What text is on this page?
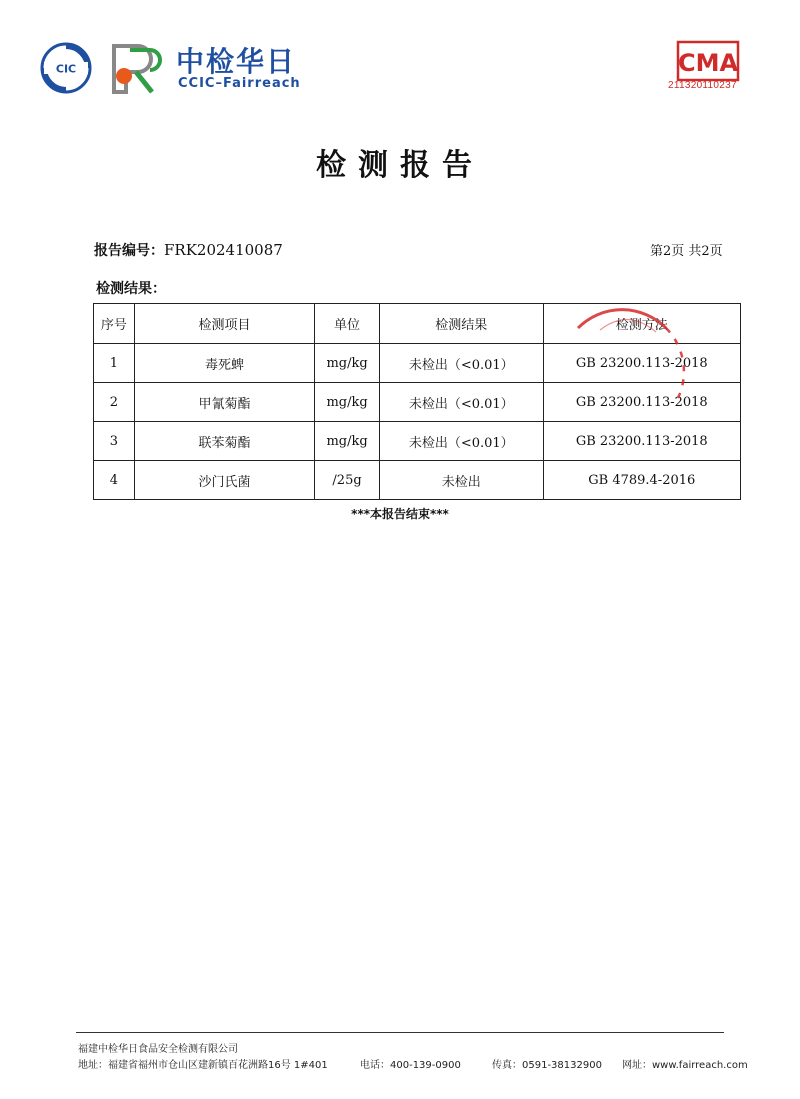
CIC	中检华日
CCIC–Fairreach
CMA
211320110237
检测报告
报告编号：FRK202410087	第2页 共2页
检测结果：
序号	检测项目	单位	检测结果	检测方法
1	毒死蜱	mg/kg	未检出（<0.01）	GB 23200.113-2018
2	甲氰菊酯	mg/kg	未检出（<0.01）	GB 23200.113-2018
3	联苯菊酯	mg/kg	未检出（<0.01）	GB 23200.113-2018
4	沙门氏菌	/25g	未检出	GB 4789.4-2016
***本报告结束***
福建中检华日食品安全检测有限公司
地址：福建省福州市仓山区建新镇百花洲路16号 1#401	电话：400-139-0900	传真：0591-38132900 网址：www.fairreach.com
